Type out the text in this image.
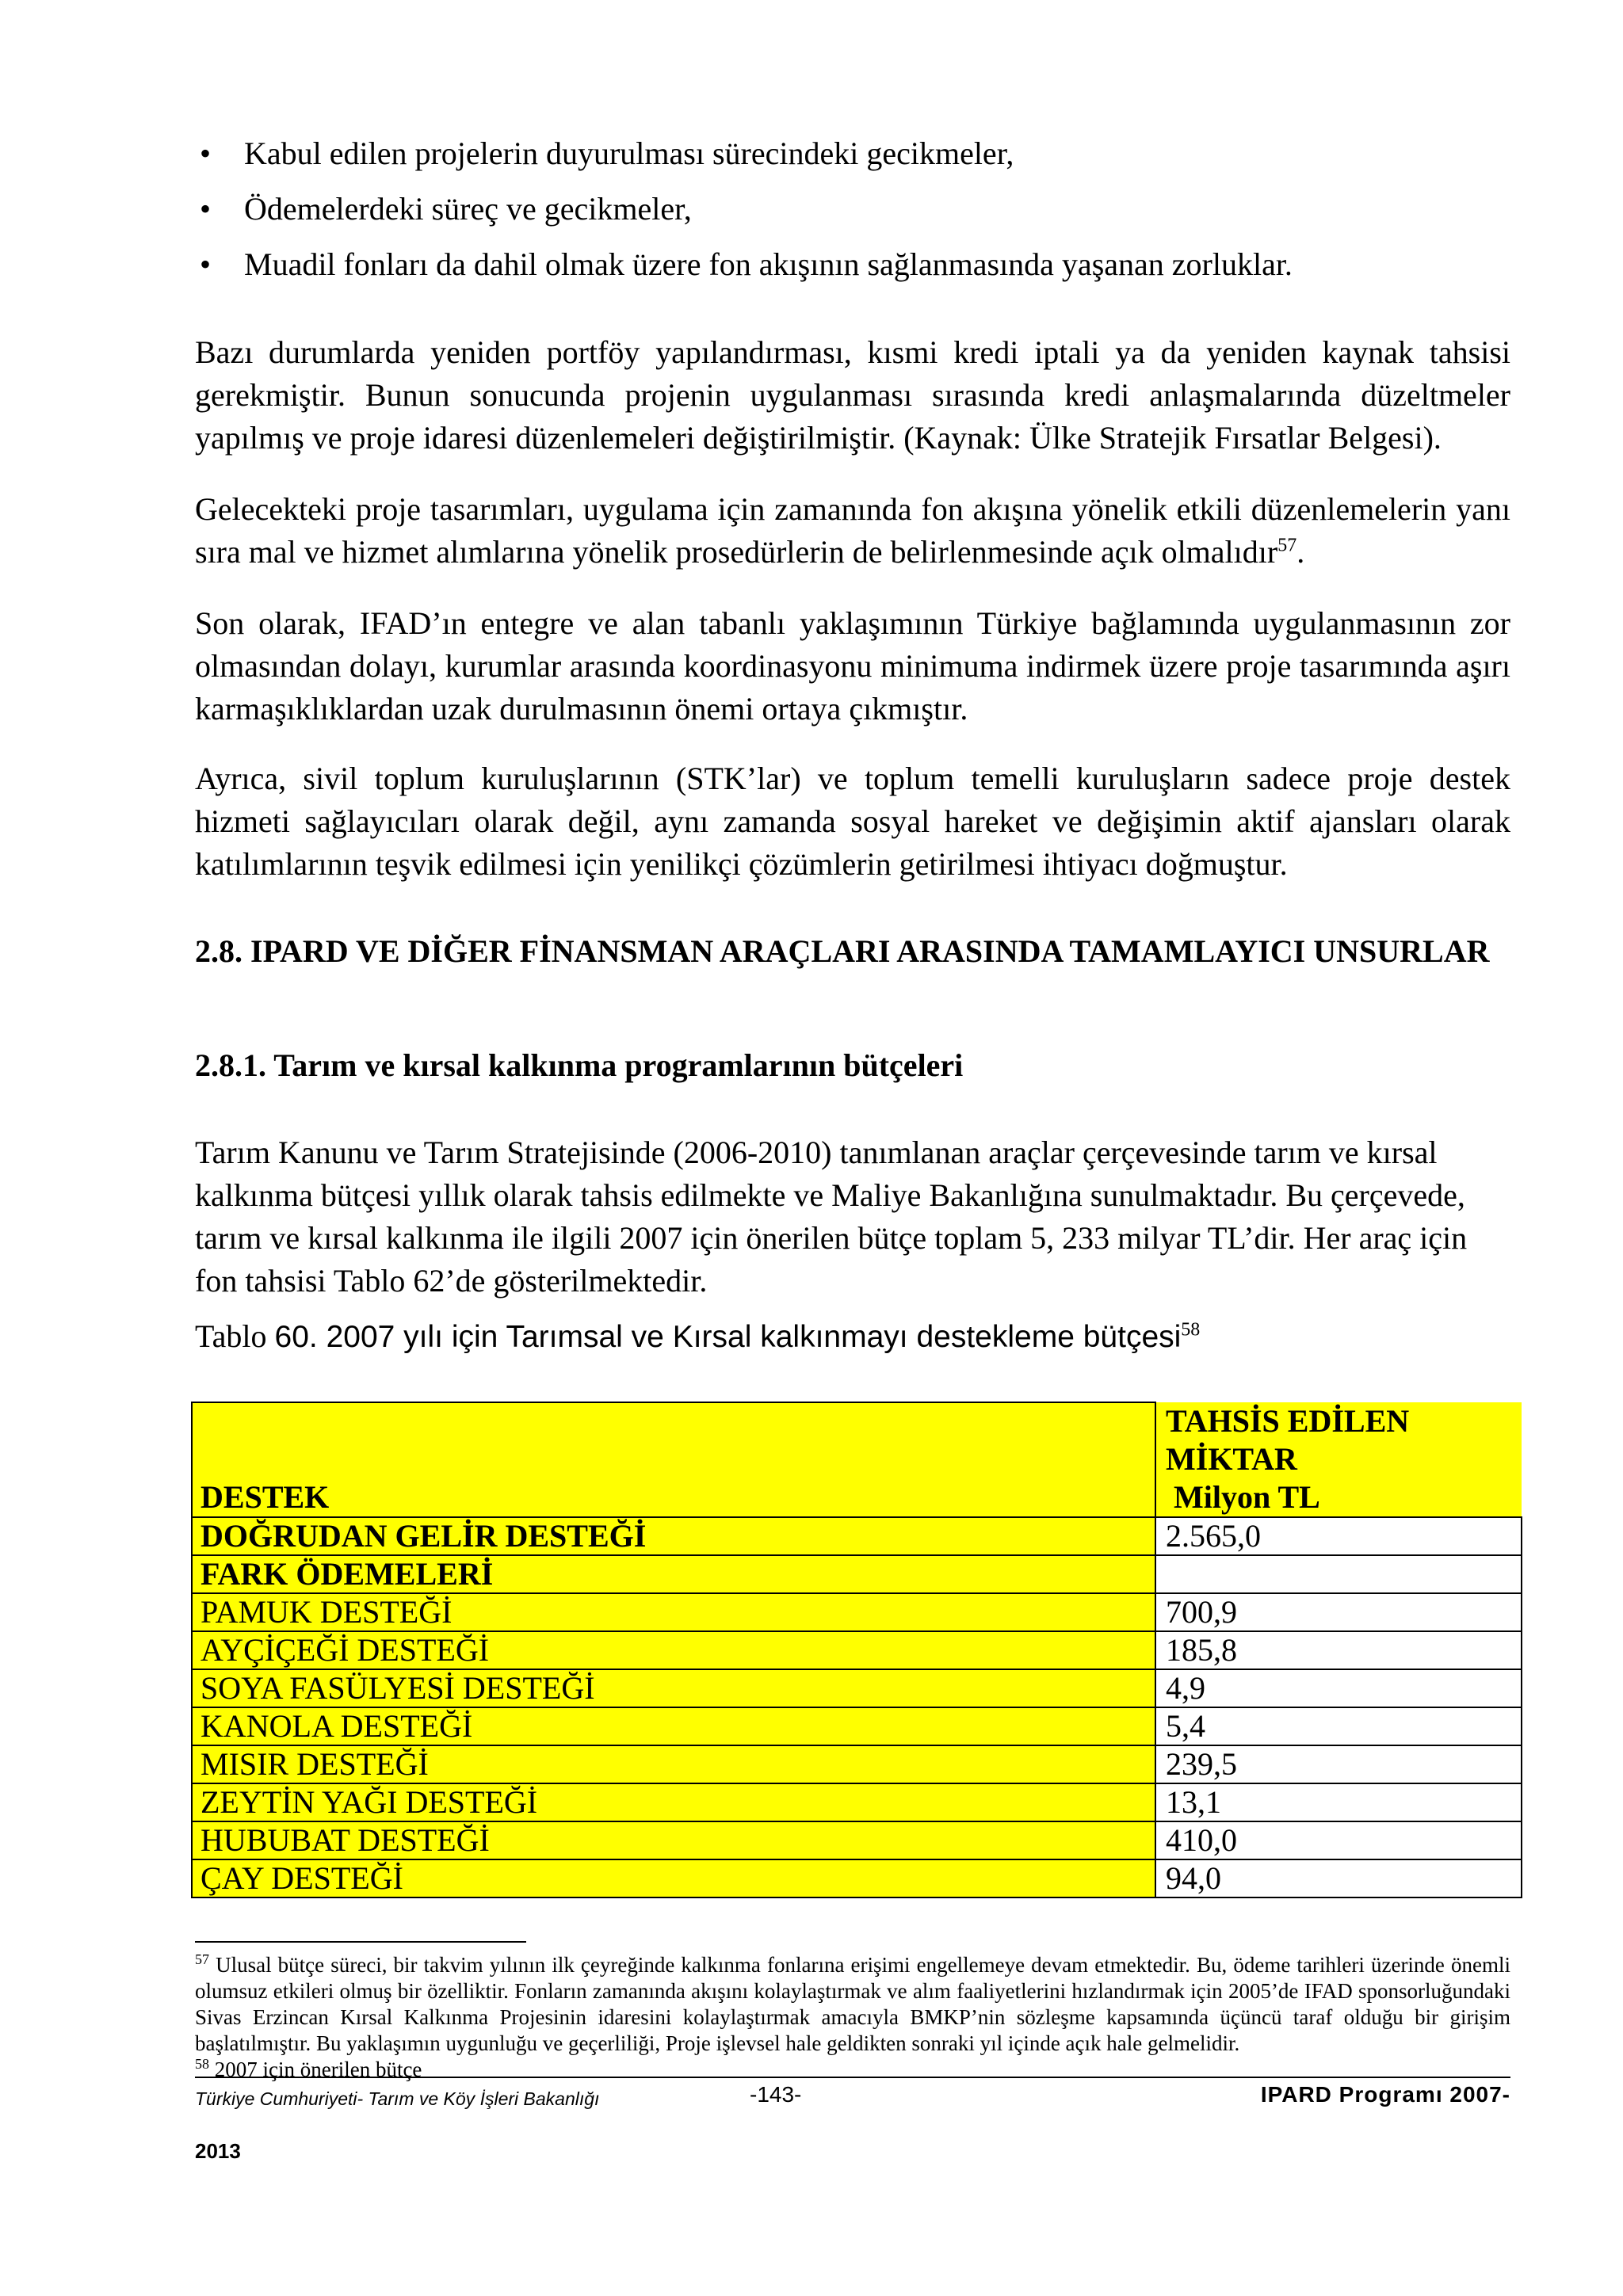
• Kabul edilen projelerin duyurulması sürecindeki gecikmeler,
• Ödemelerdeki süreç ve gecikmeler,
• Muadil fonları da dahil olmak üzere fon akışının sağlanmasında yaşanan zorluklar.

Bazı durumlarda yeniden portföy yapılandırması, kısmi kredi iptali ya da yeniden kaynak tahsisi gerekmiştir. Bunun sonucunda projenin uygulanması sırasında kredi anlaşmalarında düzeltmeler yapılmış ve proje idaresi düzenlemeleri değiştirilmiştir. (Kaynak: Ülke Stratejik Fırsatlar Belgesi).

Gelecekteki proje tasarımları, uygulama için zamanında fon akışına yönelik etkili düzenlemelerin yanı sıra mal ve hizmet alımlarına yönelik prosedürlerin de belirlenmesinde açık olmalıdır$^{57}$.

Son olarak, IFAD’ın entegre ve alan tabanlı yaklaşımının Türkiye bağlamında uygulanmasının zor olmasından dolayı, kurumlar arasında koordinasyonu minimuma indirmek üzere proje tasarımında aşırı karmaşıklıklardan uzak durulmasının önemi ortaya çıkmıştır.

Ayrıca, sivil toplum kuruluşlarının (STK’lar) ve toplum temelli kuruluşların sadece proje destek hizmeti sağlayıcıları olarak değil, aynı zamanda sosyal hareket ve değişimin aktif ajansları olarak katılımlarının teşvik edilmesi için yenilikçi çözümlerin getirilmesi ihtiyacı doğmuştur.

2.8. IPARD VE DİĞER FİNANSMAN ARAÇLARI ARASINDA TAMAMLAYICI UNSURLAR
2.8.1. Tarım ve kırsal kalkınma programlarının bütçeleri

Tarım Kanunu ve Tarım Stratejisinde (2006-2010) tanımlanan araçlar çerçevesinde tarım ve kırsal kalkınma bütçesi yıllık olarak tahsis edilmekte ve Maliye Bakanlığına sunulmaktadır. Bu çerçevede, tarım ve kırsal kalkınma ile ilgili 2007 için önerilen bütçe toplam 5, 233 milyar TL’dir. Her araç için fon tahsisi Tablo 62’de gösterilmektedir.

Tablo 60. 2007 yılı için Tarımsal ve Kırsal kalkınmayı destekleme bütçesi$^{58}$
DESTEK	TAHSİS EDİLEN
MİKTAR
Milyon TL

DOĞRUDAN GELİR DESTEĞİ	2.565,0
FARK ÖDEMELERİ	
PAMUK DESTEĞİ	700,9
AYÇİÇEĞİ DESTEĞİ	185,8
SOYA FASÜLYESİ DESTEĞİ	4,9
KANOLA DESTEĞİ	5,4
MISIR DESTEĞİ	239,5
ZEYTİN YAĞI DESTEĞİ	13,1
HUBUBAT DESTEĞİ	410,0
ÇAY DESTEĞİ	94,0

$^{57}$ Ulusal bütçe süreci, bir takvim yılının ilk çeyreğinde kalkınma fonlarına erişimi engellemeye devam etmektedir. Bu, ödeme tarihleri üzerinde önemli olumsuz etkileri olmuş bir özelliktir. Fonların zamanında akışını kolaylaştırmak ve alım faaliyetlerini hızlandırmak için 2005’de IFAD sponsorluğundaki Sivas Erzincan Kırsal Kalkınma Projesinin idaresini kolaylaştırmak amacıyla BMKP’nin sözleşme kapsamında üçüncü taraf olduğu bir girişim başlatılmıştır. Bu yaklaşımın uygunluğu ve geçerliliği, Proje işlevsel hale geldikten sonraki yıl içinde açık hale gelmelidir.

$^{58}$ 2007 için önerilen bütçe

Türkiye Cumhuriyeti- Tarım ve Köy İşleri Bakanlığı	-143-	IPARD Programı 2007-
2013
